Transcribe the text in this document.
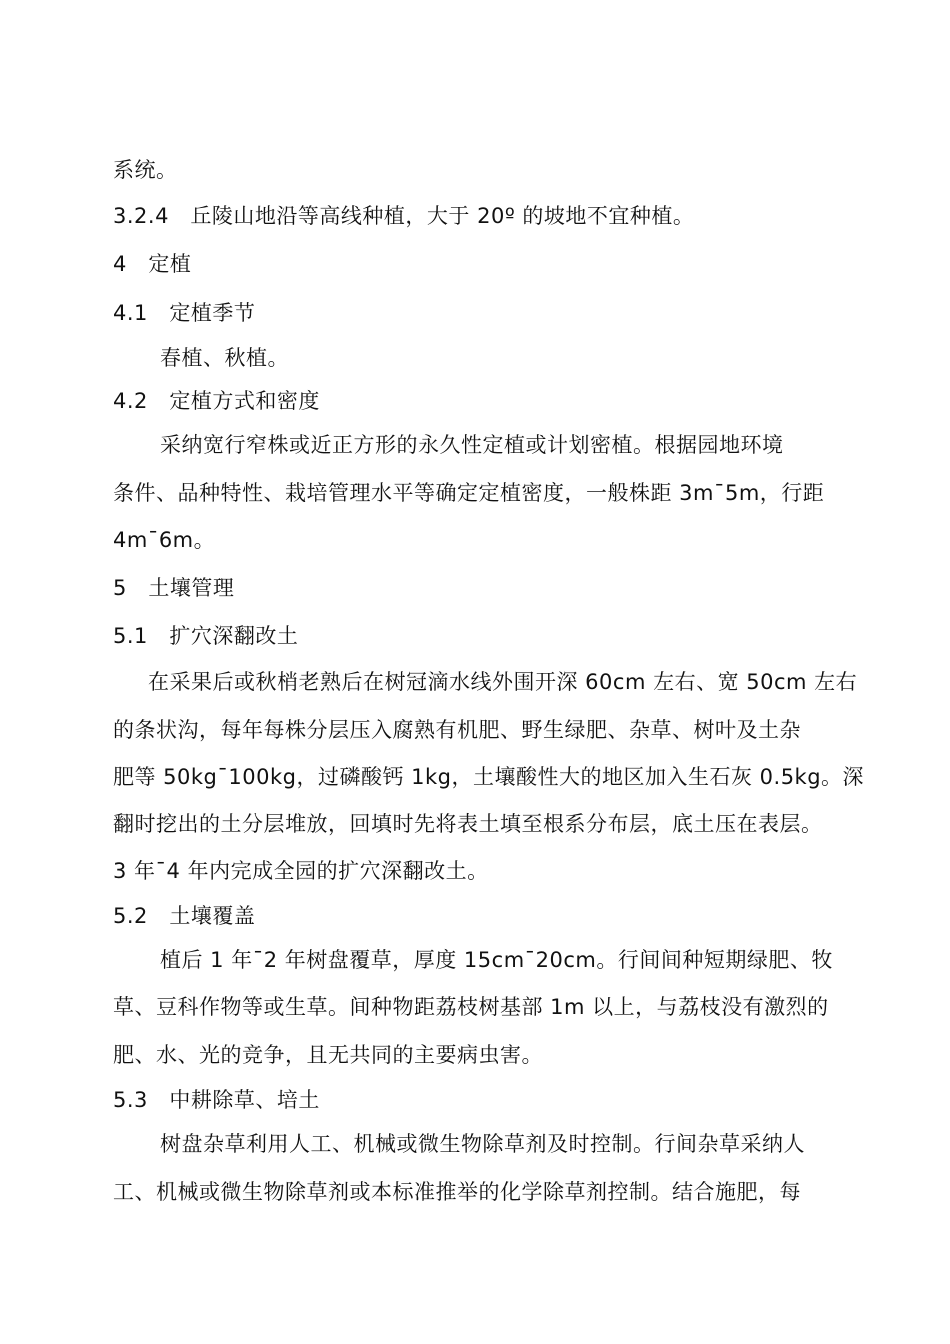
系统。
3.2.4　丘陵山地沿等高线种植，大于 20º 的坡地不宜种植。
4　定植
4.1　定植季节
春植、秋植。
4.2　定植方式和密度
采纳宽行窄株或近正方形的永久性定植或计划密植。根据园地环境
条件、品种特性、栽培管理水平等确定定植密度，一般株距 3m¯5m，行距
4m¯6m。
5　土壤管理
5.1　扩穴深翻改土
在采果后或秋梢老熟后在树冠滴水线外围开深 60cm 左右、宽 50cm 左右
的条状沟，每年每株分层压入腐熟有机肥、野生绿肥、杂草、树叶及土杂
肥等 50kg¯100kg，过磷酸钙 1kg，土壤酸性大的地区加入生石灰 0.5kg。深
翻时挖出的土分层堆放，回填时先将表土填至根系分布层，底土压在表层。
3 年¯4 年内完成全园的扩穴深翻改土。
5.2　土壤覆盖
植后 1 年¯2 年树盘覆草，厚度 15cm¯20cm。行间间种短期绿肥、牧
草、豆科作物等或生草。间种物距荔枝树基部 1m 以上，与荔枝没有激烈的
肥、水、光的竞争，且无共同的主要病虫害。
5.3　中耕除草、培土
树盘杂草利用人工、机械或微生物除草剂及时控制。行间杂草采纳人
工、机械或微生物除草剂或本标准推举的化学除草剂控制。结合施肥，每
